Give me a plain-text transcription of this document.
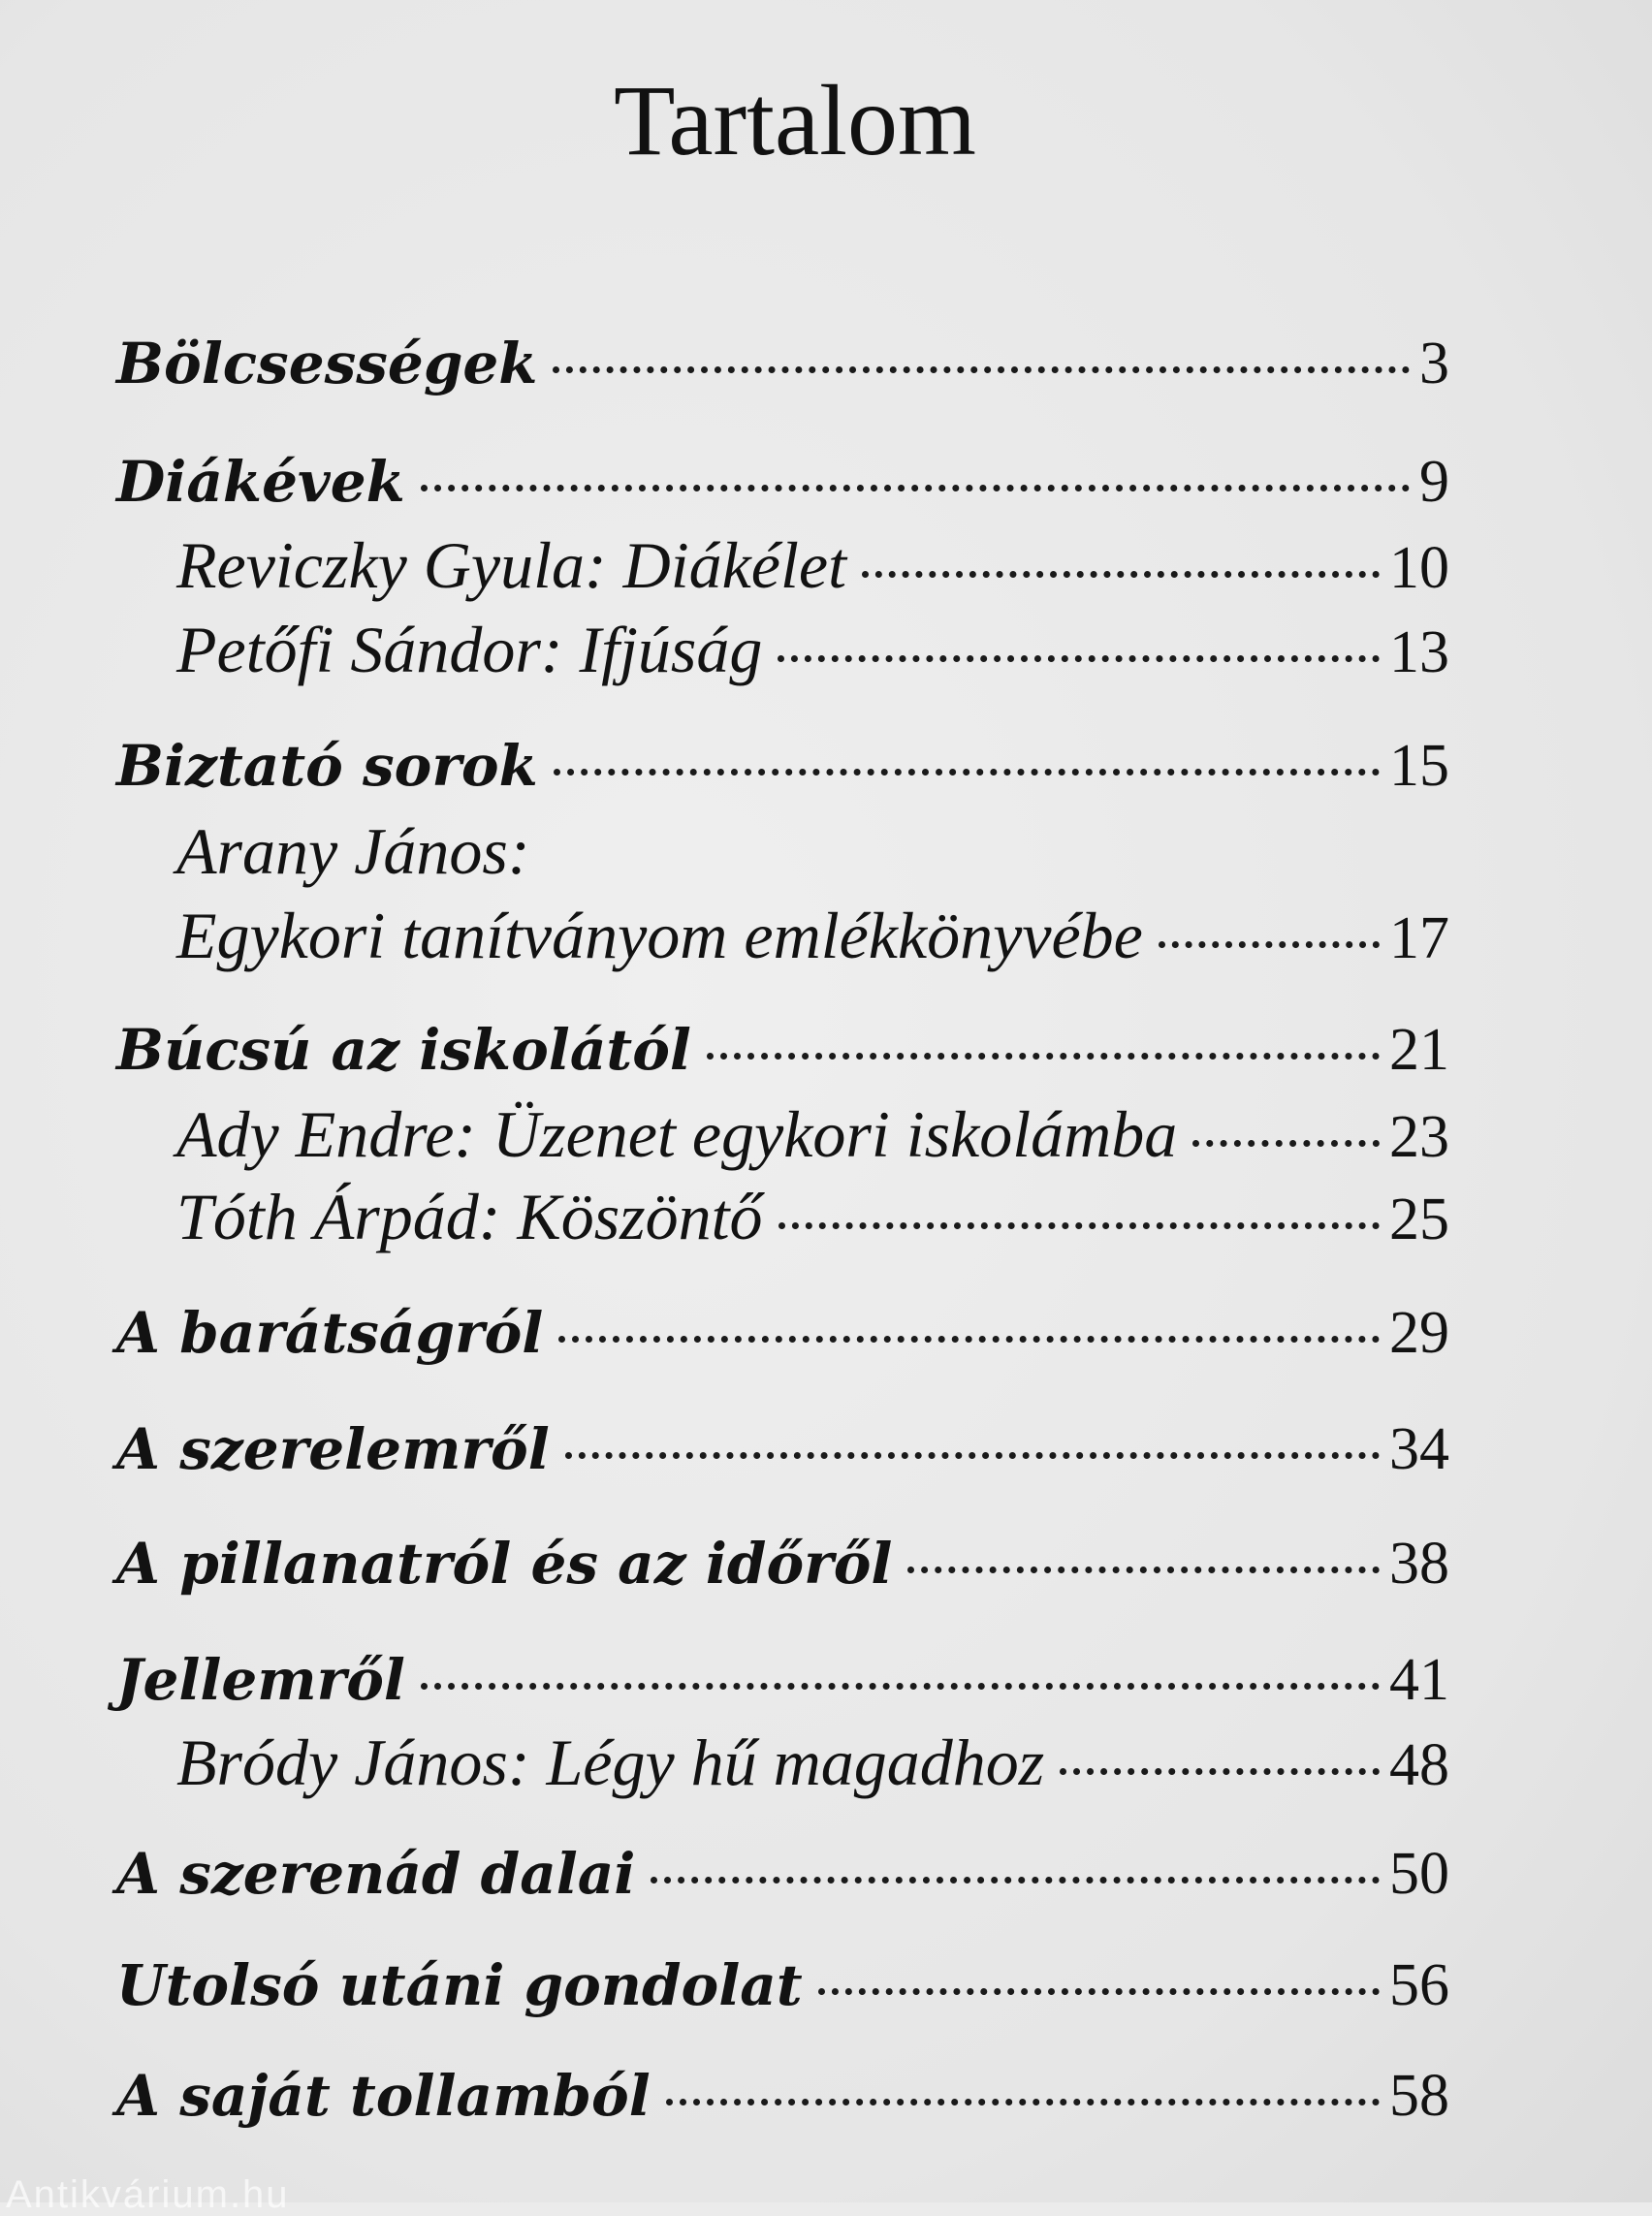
Tartalom
Bölcsességek	3
Diákévek	9
Reviczky Gyula: Diákélet	10
Petőfi Sándor: Ifjúság	13
Biztató sorok	15
Arany János:
Egykori tanítványom emlékkönyvébe	17
Búcsú az iskolától	21
Ady Endre: Üzenet egykori iskolámba	23
Tóth Árpád: Köszöntő	25
A barátságról	29
A szerelemről	34
A pillanatról és az időről	38
Jellemről	41
Bródy János: Légy hű magadhoz	48
A szerenád dalai	50
Utolsó utáni gondolat	56
A saját tollamból	58
Antikvárium.hu
